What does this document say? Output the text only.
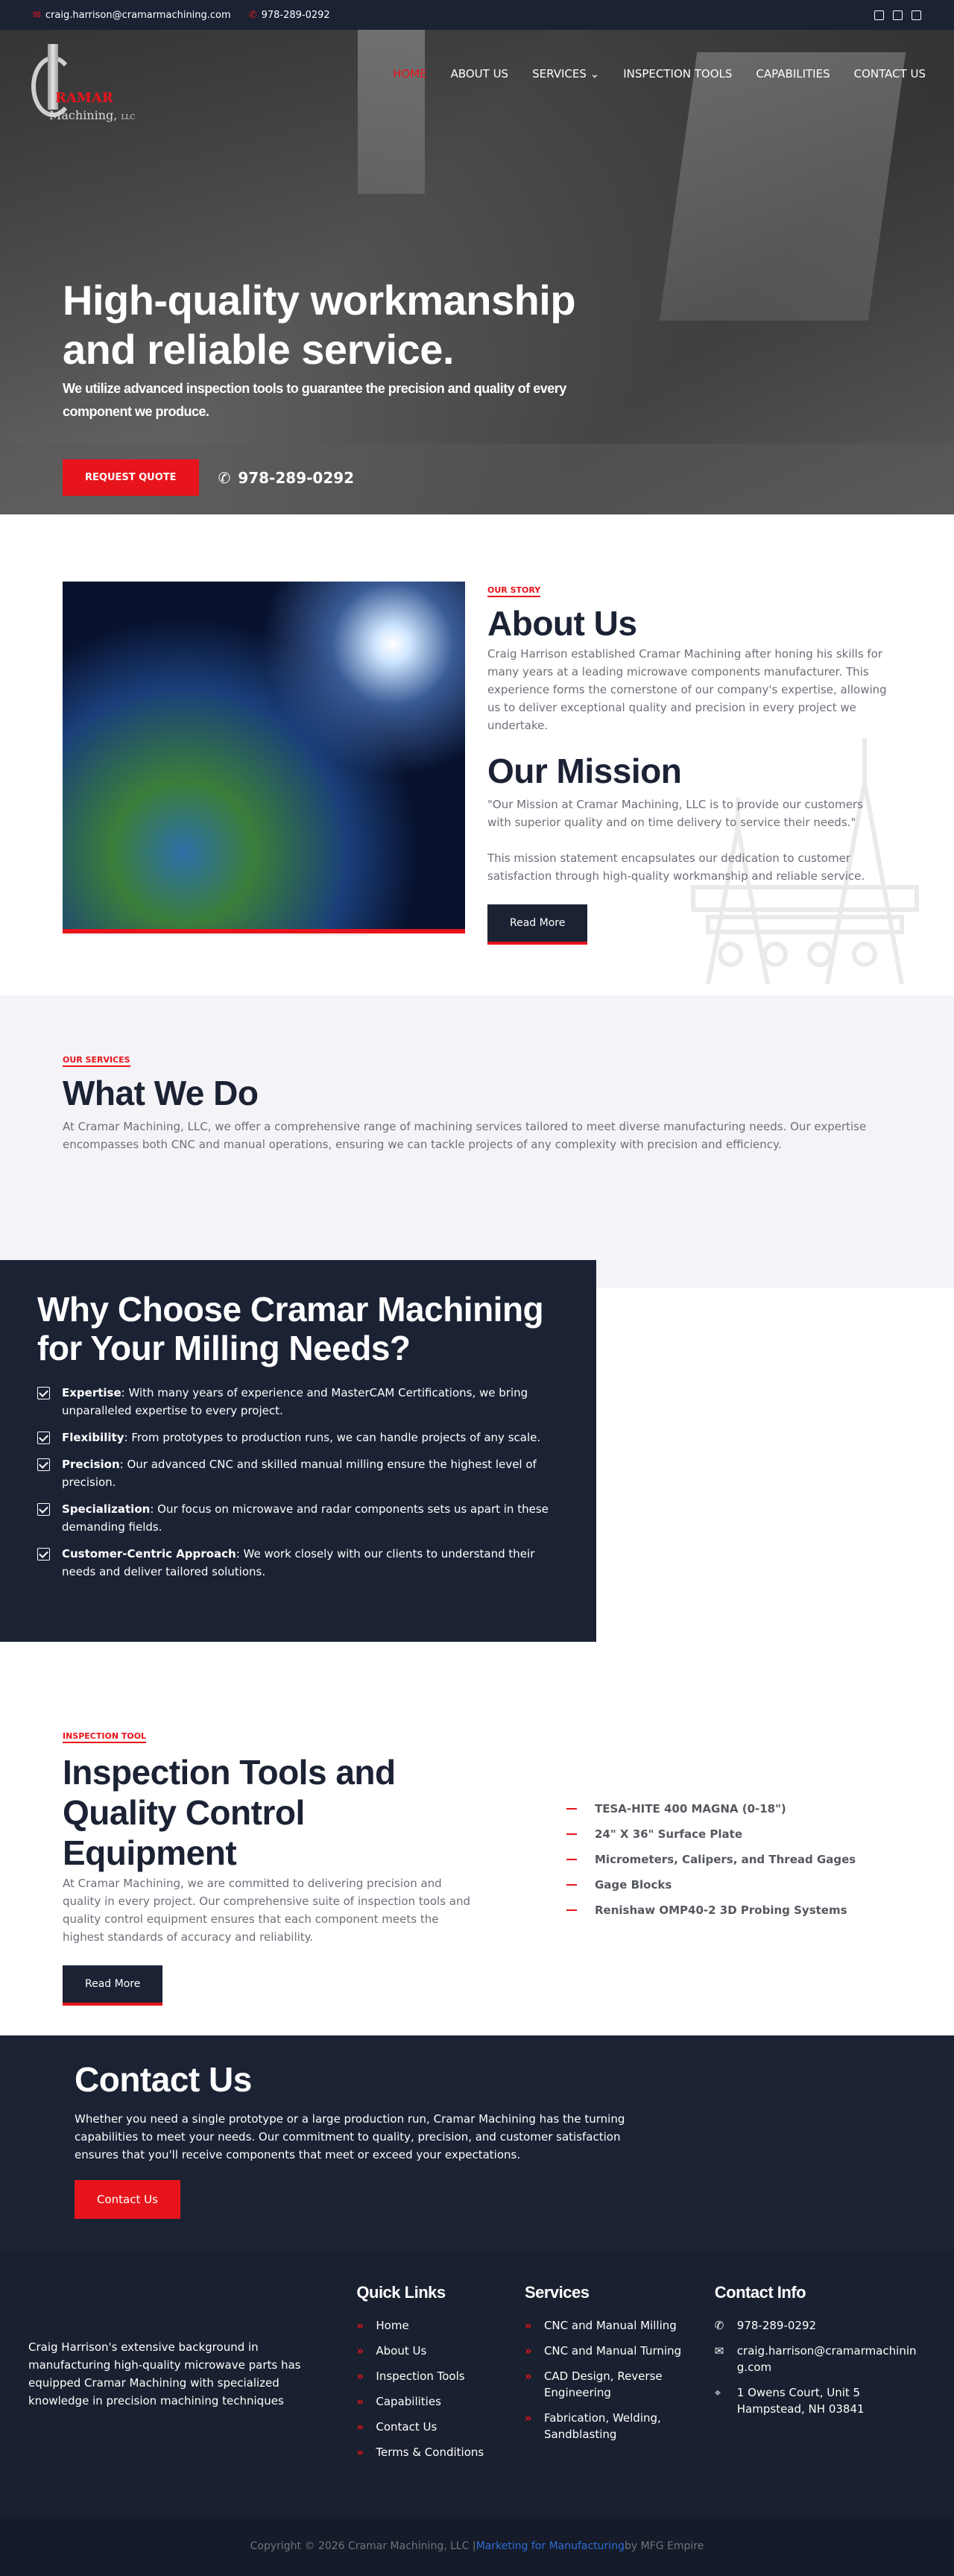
✉ craig.harrison@cramarmachining.com ✆ 978-289-0292
RAMAR
Machining, LLC
HOME ABOUT US SERVICES ⌄ INSPECTION TOOLS CAPABILITIES CONTACT US
High-quality workmanship and reliable service.

We utilize advanced inspection tools to guarantee the precision and quality of every component we produce.

REQUEST QUOTE	✆ 978-289-0292
OUR STORY
About Us

Craig Harrison established Cramar Machining after honing his skills for many years at a leading microwave components manufacturer. This experience forms the cornerstone of our company's expertise, allowing us to deliver exceptional quality and precision in every project we undertake.

Our Mission

"Our Mission at Cramar Machining, LLC is to provide our customers with superior quality and on time delivery to service their needs."

This mission statement encapsulates our dedication to customer satisfaction through high-quality workmanship and reliable service.

Read More
OUR SERVICES
What We Do

At Cramar Machining, LLC, we offer a comprehensive range of machining services tailored to meet diverse manufacturing needs. Our expertise encompasses both CNC and manual operations, ensuring we can tackle projects of any complexity with precision and efficiency.

Why Choose Cramar Machining for Your Milling Needs?
Expertise: With many years of experience and MasterCAM Certifications, we bring unparalleled expertise to every project.
Flexibility: From prototypes to production runs, we can handle projects of any scale.
Precision: Our advanced CNC and skilled manual milling ensure the highest level of precision.
Specialization: Our focus on microwave and radar components sets us apart in these demanding fields.
Customer-Centric Approach: We work closely with our clients to understand their needs and deliver tailored solutions.
INSPECTION TOOL
Inspection Tools and Quality Control Equipment

At Cramar Machining, we are committed to delivering precision and quality in every project. Our comprehensive suite of inspection tools and quality control equipment ensures that each component meets the highest standards of accuracy and reliability.

Read More
TESA-HITE 400 MAGNA (0-18")
24" X 36" Surface Plate
Micrometers, Calipers, and Thread Gages
Gage Blocks
Renishaw OMP40-2 3D Probing Systems
Contact Us

Whether you need a single prototype or a large production run, Cramar Machining has the turning capabilities to meet your needs. Our commitment to quality, precision, and customer satisfaction ensures that you'll receive components that meet or exceed your expectations.

Contact Us

Craig Harrison's extensive background in manufacturing high-quality microwave parts has equipped Cramar Machining with specialized knowledge in precision machining techniques

Quick Links
» Home
» About Us
» Inspection Tools
» Capabilities
» Contact Us
» Terms & Conditions
Services
» CNC and Manual Milling
» CNC and Manual Turning
» CAD Design, Reverse Engineering
» Fabrication, Welding, Sandblasting
Contact Info
✆	978-289-0292
✉	craig.harrison@cramarmachining.com
⌖	1 Owens Court, Unit 5 Hampstead, NH 03841
Copyright © 2026 Cramar Machining, LLC | Marketing for Manufacturing by MFG Empire
